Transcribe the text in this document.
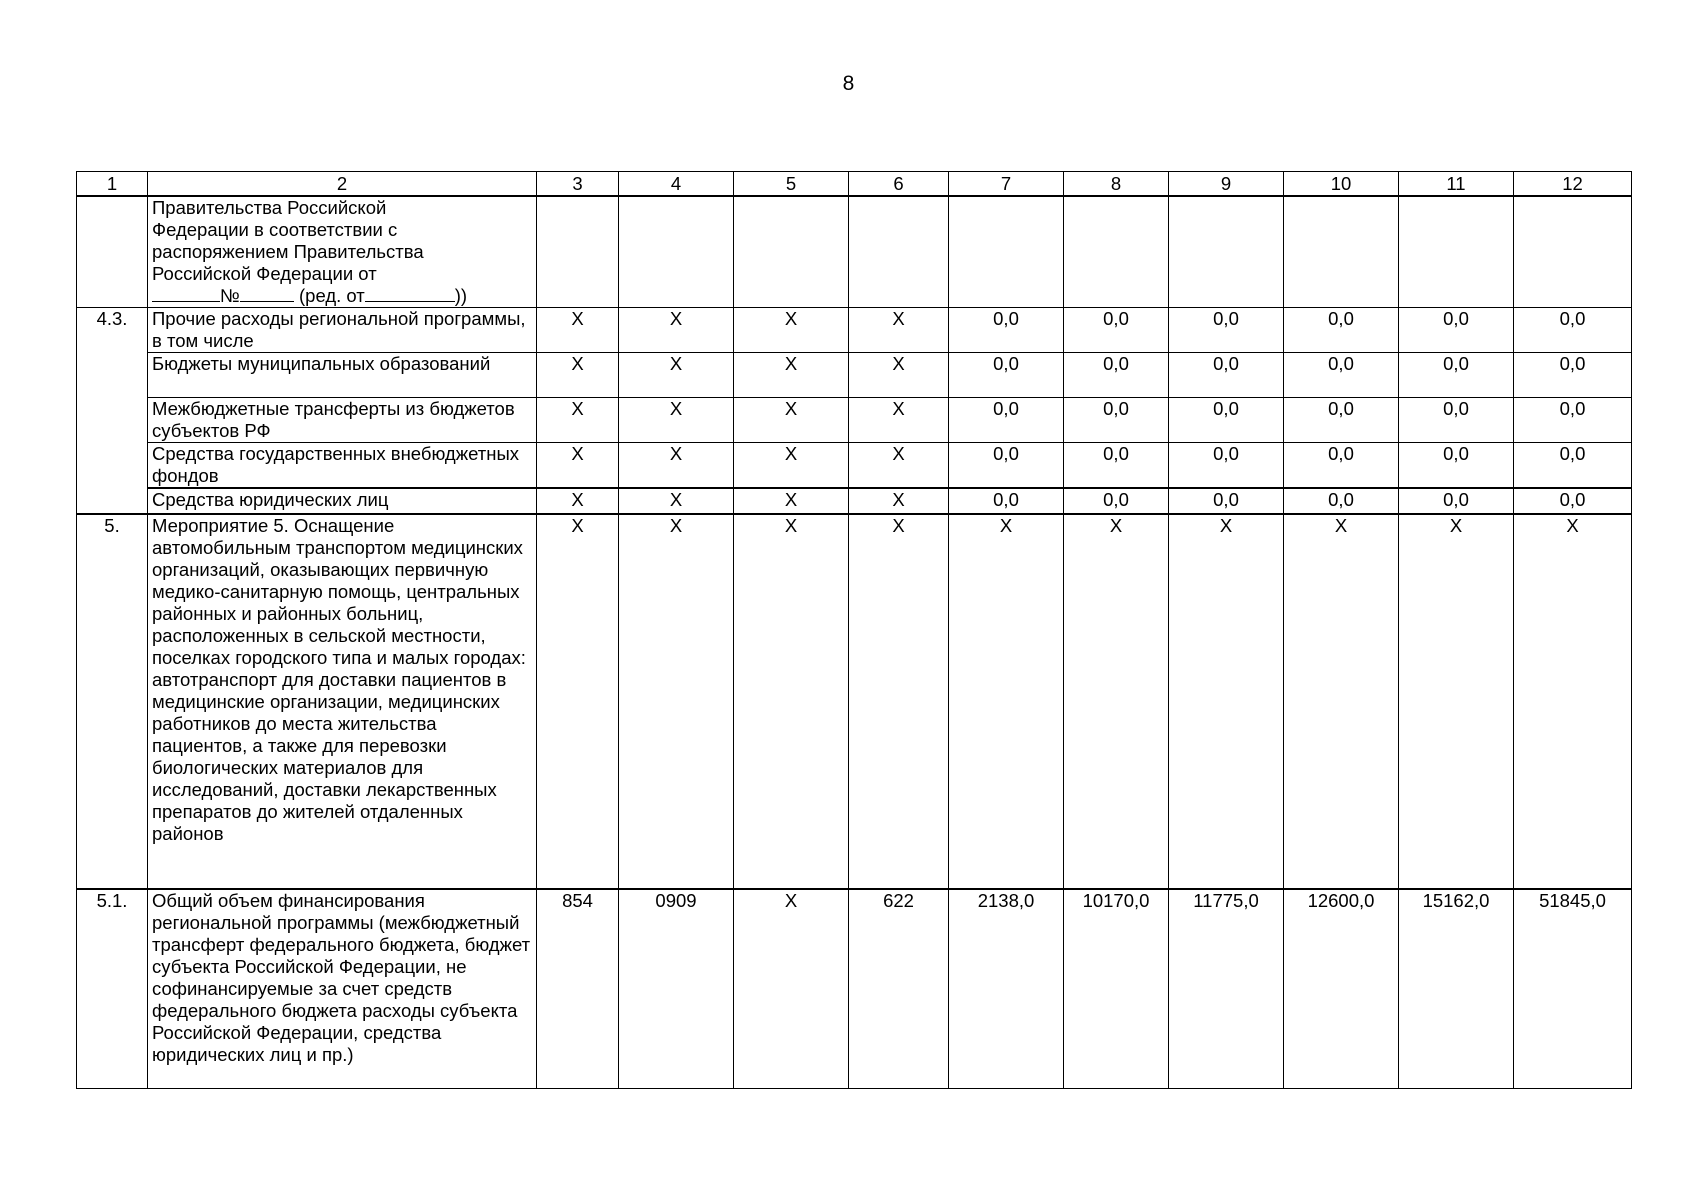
8
1	2	3	4	5	6	7	8	9	10	11	12
	Правительства Российской
Федерации в соответствии с
распоряжением Правительства
Российской Федерации от
№ (ред. от ))										
4.3.	Прочие расходы региональной программы, в том числе	X	X	X	X	0,0	0,0	0,0	0,0	0,0	0,0
	Бюджеты муниципальных образований	X	X	X	X	0,0	0,0	0,0	0,0	0,0	0,0
	Межбюджетные трансферты из бюджетов субъектов РФ	X	X	X	X	0,0	0,0	0,0	0,0	0,0	0,0
	Средства государственных внебюджетных фондов	X	X	X	X	0,0	0,0	0,0	0,0	0,0	0,0
	Средства юридических лиц	X	X	X	X	0,0	0,0	0,0	0,0	0,0	0,0
5.	Мероприятие 5. Оснащение автомобильным транспортом медицинских организаций, оказывающих первичную медико-санитарную помощь, центральных районных и районных больниц, расположенных в сельской местности, поселках городского типа и малых городах: автотранспорт для доставки пациентов в медицинские организации, медицинских работников до места жительства пациентов, а также для перевозки биологических материалов для исследований, доставки лекарственных препаратов до жителей отдаленных районов	X	X	X	X	X	X	X	X	X	X
5.1.	Общий объем финансирования региональной программы (межбюджетный трансферт федерального бюджета, бюджет субъекта Российской Федерации, не софинансируемые за счет средств федерального бюджета расходы субъекта Российской Федерации, средства юридических лиц и пр.)	854	0909	X	622	2138,0	10170,0	11775,0	12600,0	15162,0	51845,0
